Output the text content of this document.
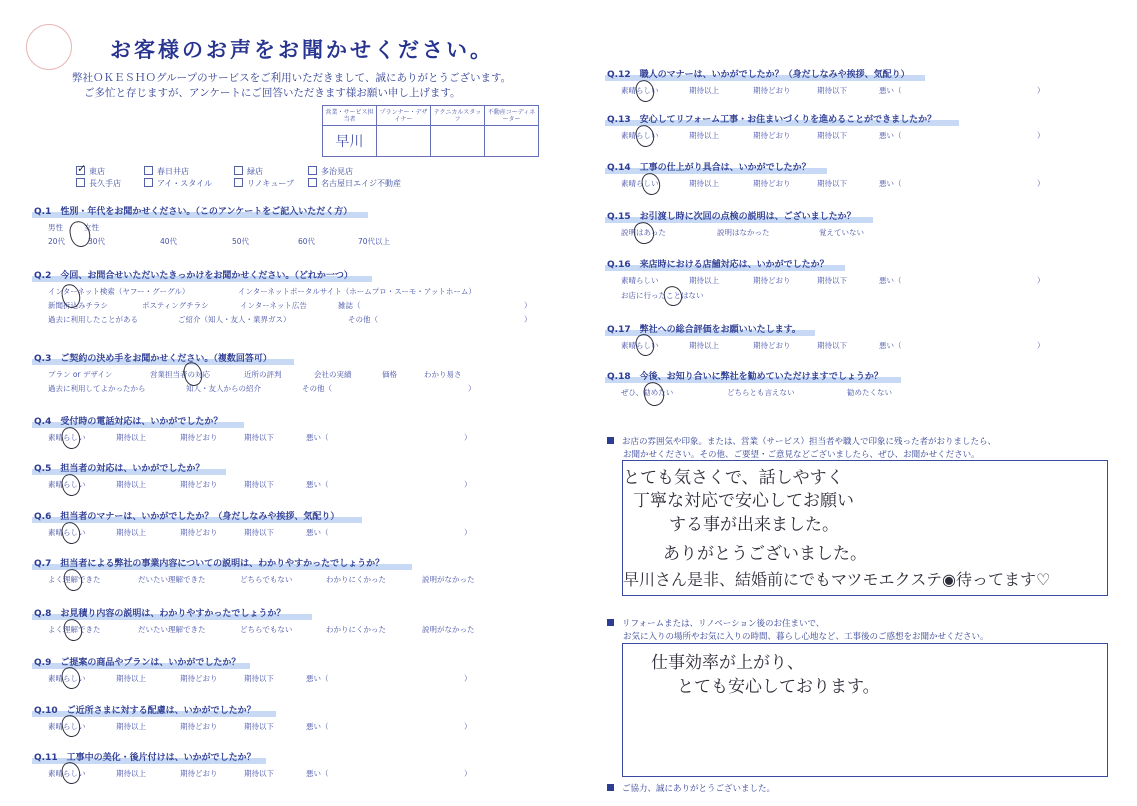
お客様のお声をお聞かせください。
弊社ＯＫＥＳＨＯグループのサービスをご利用いただきまして、誠にありがとうございます。
ご多忙と存じますが、アンケートにご回答いただきます様お願い申し上げます。
営業・サービス担当者	プランナー・デザイナー	テクニカルスタッフ	不動産コーディネーター
早川			
✓ 東店	春日井店	緑店	多治見店
長久手店	アイ・スタイル	リノキューブ	名古屋日エイジ不動産
Q.1　性別・年代をお聞かせください。（このアンケートをご記入いただく方）
男性	女性
20代	30代	40代	50代	60代	70代以上
Q.2　今回、お問合せいただいたきっかけをお聞かせください。（どれか一つ）
インターネット検索（ヤフー・グーグル）	インターネットポータルサイト（ホームプロ・スーモ・アットホーム）
新聞折込みチラシ	ポスティングチラシ	インターネット広告	雑誌（	）
過去に利用したことがある	ご紹介（知人・友人・業界ガス）	その他（	）
Q.3　ご契約の決め手をお聞かせください。（複数回答可）
プラン or デザイン	営業担当者の対応	近所の評判	会社の実績	価格	わかり易さ
過去に利用してよかったから	知人・友人からの紹介	その他（	）
Q.4　受付時の電話対応は、いかがでしたか？
素晴らしい	期待以上	期待どおり	期待以下	悪い（	）
Q.5　担当者の対応は、いかがでしたか？
素晴らしい	期待以上	期待どおり	期待以下	悪い（	）
Q.6　担当者のマナーは、いかがでしたか？（身だしなみや挨拶、気配り）
素晴らしい	期待以上	期待どおり	期待以下	悪い（	）
Q.7　担当者による弊社の事業内容についての説明は、わかりやすかったでしょうか？
よく理解できた	だいたい理解できた	どちらでもない	わかりにくかった	説明がなかった
Q.8　お見積り内容の説明は、わかりやすかったでしょうか？
よく理解できた	だいたい理解できた	どちらでもない	わかりにくかった	説明がなかった
Q.9　ご提案の商品やプランは、いかがでしたか？
素晴らしい	期待以上	期待どおり	期待以下	悪い（	）
Q.10　ご近所さまに対する配慮は、いかがでしたか？
素晴らしい	期待以上	期待どおり	期待以下	悪い（	）
Q.11　工事中の美化・後片付けは、いかがでしたか？
素晴らしい	期待以上	期待どおり	期待以下	悪い（	）
Q.12　職人のマナーは、いかがでしたか？（身だしなみや挨拶、気配り）
素晴らしい	期待以上	期待どおり	期待以下	悪い（	）
Q.13　安心してリフォーム工事・お住まいづくりを進めることができましたか？
素晴らしい	期待以上	期待どおり	期待以下	悪い（	）
Q.14　工事の仕上がり具合は、いかがでしたか？
素晴らしい	期待以上	期待どおり	期待以下	悪い（	）
Q.15　お引渡し時に次回の点検の説明は、ございましたか？
説明はあった	説明はなかった	覚えていない
Q.16　来店時における店舗対応は、いかがでしたか？
素晴らしい	期待以上	期待どおり	期待以下	悪い（	）
お店に行ったことはない
Q.17　弊社への総合評価をお願いいたします。
素晴らしい	期待以上	期待どおり	期待以下	悪い（	）
Q.18　今後、お知り合いに弊社を勧めていただけますでしょうか？
ぜひ、勧めたい	どちらとも言えない	勧めたくない
お店の雰囲気や印象。または、営業（サービス）担当者や職人で印象に残った者がおりましたら、
お聞かせください。その他、ご要望・ご意見などございましたら、ぜひ、お聞かせください。
とても気さくで、話しやすく
丁寧な対応で安心してお願い
する事が出来ました。
ありがとうございました。
早川さん是非、結婚前にでもマツモエクステ◉待ってます♡
リフォームまたは、リノベーション後のお住まいで、
お気に入りの場所やお気に入りの時間、暮らし心地など、工事後のご感想をお聞かせください。
仕事効率が上がり、
とても安心しております。
ご協力、誠にありがとうございました。
